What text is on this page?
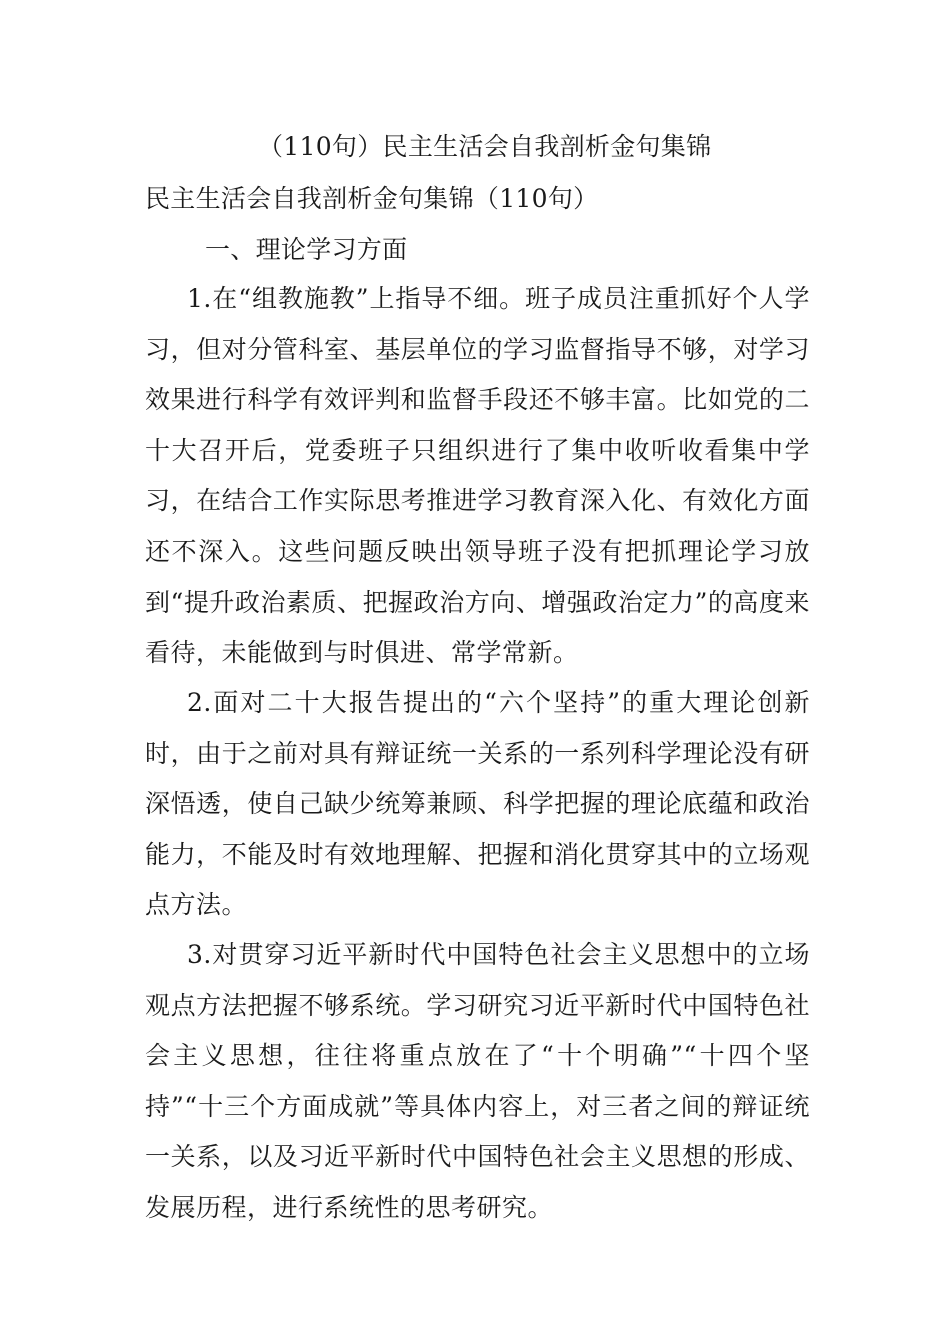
（110句）民主生活会自我剖析金句集锦
民主生活会自我剖析金句集锦（110句）
一、理论学习方面

1.在“组教施教”上指导不细。班子成员注重抓好个人学习，但对分管科室、基层单位的学习监督指导不够，对学习效果进行科学有效评判和监督手段还不够丰富。比如党的二十大召开后，党委班子只组织进行了集中收听收看集中学习，在结合工作实际思考推进学习教育深入化、有效化方面还不深入。这些问题反映出领导班子没有把抓理论学习放到“提升政治素质、把握政治方向、增强政治定力”的高度来看待，未能做到与时俱进、常学常新。

2.面对二十大报告提出的“六个坚持”的重大理论创新时，由于之前对具有辩证统一关系的一系列科学理论没有研深悟透，使自己缺少统筹兼顾、科学把握的理论底蕴和政治能力，不能及时有效地理解、把握和消化贯穿其中的立场观点方法。

3.对贯穿习近平新时代中国特色社会主义思想中的立场观点方法把握不够系统。学习研究习近平新时代中国特色社会主义思想，往往将重点放在了“十个明确”“十四个坚持”“十三个方面成就”等具体内容上，对三者之间的辩证统一关系，以及习近平新时代中国特色社会主义思想的形成、发展历程，进行系统性的思考研究。
